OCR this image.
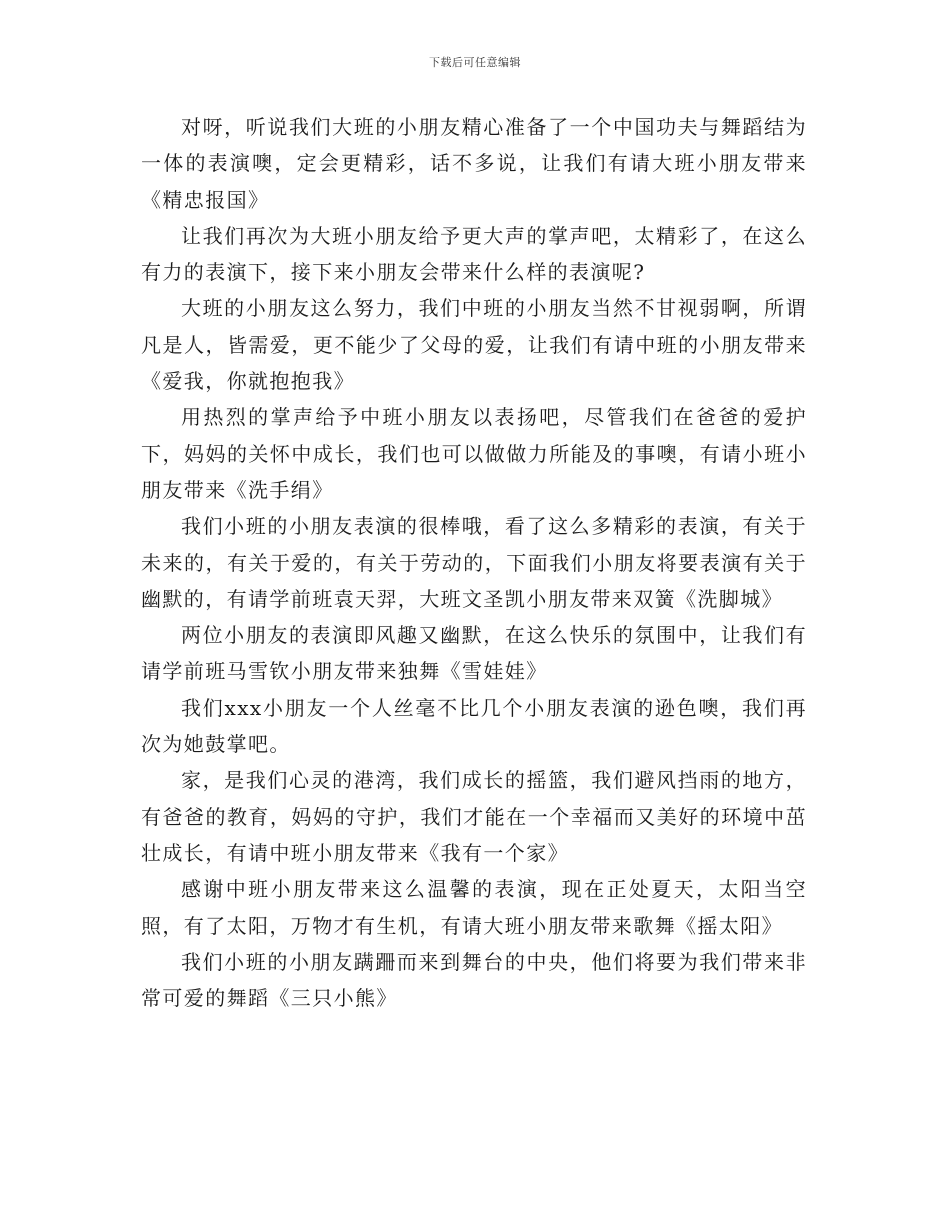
下载后可任意编辑

对呀，听说我们大班的小朋友精心准备了一个中国功夫与舞蹈结为一体的表演噢，定会更精彩，话不多说，让我们有请大班小朋友带来《精忠报国》

让我们再次为大班小朋友给予更大声的掌声吧，太精彩了，在这么有力的表演下，接下来小朋友会带来什么样的表演呢?

大班的小朋友这么努力，我们中班的小朋友当然不甘视弱啊，所谓凡是人，皆需爱，更不能少了父母的爱，让我们有请中班的小朋友带来《爱我，你就抱抱我》

用热烈的掌声给予中班小朋友以表扬吧，尽管我们在爸爸的爱护下，妈妈的关怀中成长，我们也可以做做力所能及的事噢，有请小班小朋友带来《洗手绢》

我们小班的小朋友表演的很棒哦，看了这么多精彩的表演，有关于未来的，有关于爱的，有关于劳动的，下面我们小朋友将要表演有关于幽默的，有请学前班袁天羿，大班文圣凯小朋友带来双簧《洗脚城》

两位小朋友的表演即风趣又幽默，在这么快乐的氛围中，让我们有请学前班马雪钦小朋友带来独舞《雪娃娃》

我们xxx小朋友一个人丝毫不比几个小朋友表演的逊色噢，我们再次为她鼓掌吧。

家，是我们心灵的港湾，我们成长的摇篮，我们避风挡雨的地方，有爸爸的教育，妈妈的守护，我们才能在一个幸福而又美好的环境中茁壮成长，有请中班小朋友带来《我有一个家》

感谢中班小朋友带来这么温馨的表演，现在正处夏天，太阳当空照，有了太阳，万物才有生机，有请大班小朋友带来歌舞《摇太阳》

我们小班的小朋友蹒跚而来到舞台的中央，他们将要为我们带来非常可爱的舞蹈《三只小熊》
